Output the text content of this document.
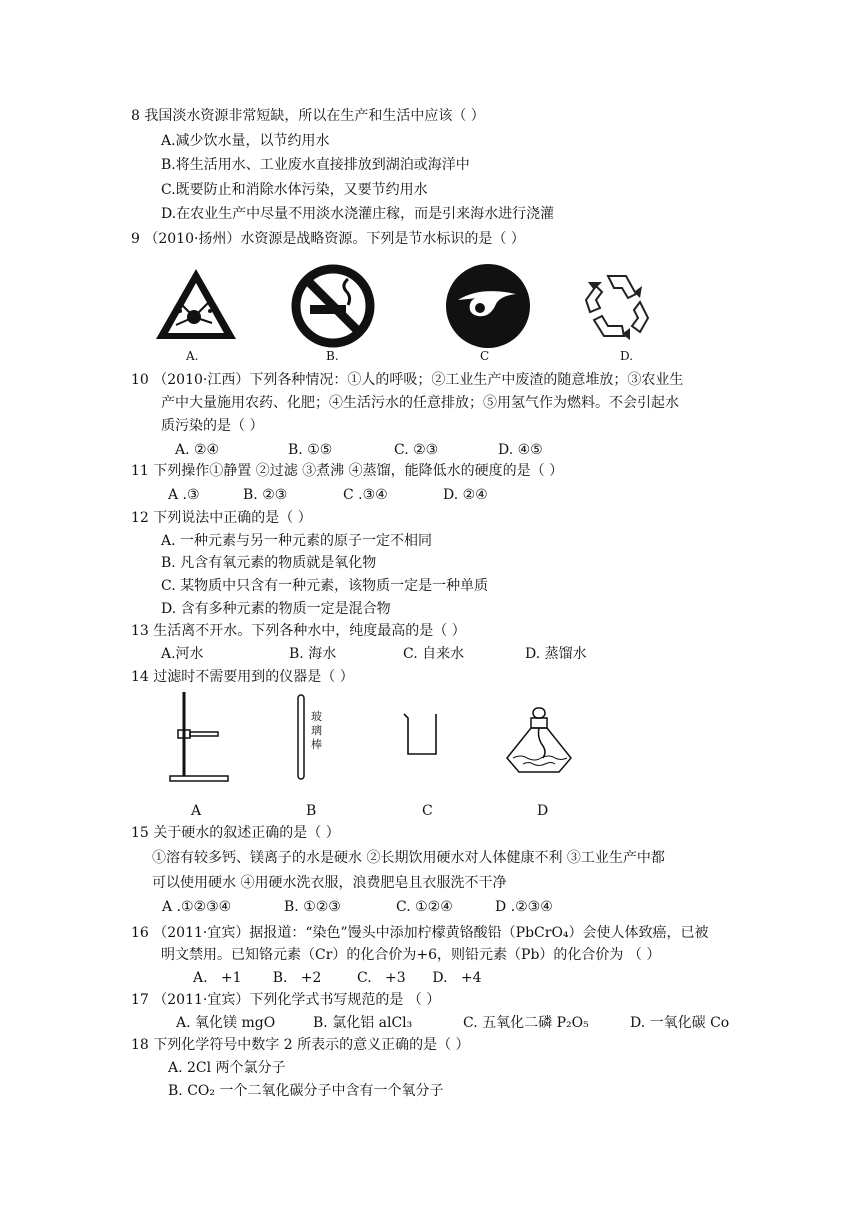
8 我国淡水资源非常短缺，所以在生产和生活中应该（ ）
A.减少饮水量，以节约用水
B.将生活用水、工业废水直接排放到湖泊或海洋中
C.既要防止和消除水体污染，又要节约用水
D.在农业生产中尽量不用淡水浇灌庄稼，而是引来海水进行浇灌
9 （2010·扬州）水资源是战略资源。下列是节水标识的是（ ）
A.	B.	C	D.
10 （2010·江西）下列各种情况：①人的呼吸；②工业生产中废渣的随意堆放；③农业生
产中大量施用农药、化肥；④生活污水的任意排放；⑤用氢气作为燃料。不会引起水
质污染的是（ ）
A. ②④	B. ①⑤	C. ②③	D. ④⑤
11 下列操作①静置 ②过滤 ③煮沸 ④蒸馏，能降低水的硬度的是（ ）
A .③	B. ②③	C .③④	D. ②④
12 下列说法中正确的是（ ）
A. 一种元素与另一种元素的原子一定不相同
B. 凡含有氧元素的物质就是氧化物
C. 某物质中只含有一种元素，该物质一定是一种单质
D. 含有多种元素的物质一定是混合物
13 生活离不开水。下列各种水中，纯度最高的是（ ）
A.河水	B. 海水	C. 自来水	D. 蒸馏水
14 过滤时不需要用到的仪器是（ ）
A
玻璃棒
B	C	D
15 关于硬水的叙述正确的是（ ）
①溶有较多钙、镁离子的水是硬水 ②长期饮用硬水对人体健康不利 ③工业生产中都
可以使用硬水 ④用硬水洗衣服，浪费肥皂且衣服洗不干净
A .①②③④	B. ①②③	C. ①②④	D .②③④
16 （2011·宜宾）据报道：“染色”馒头中添加柠檬黄铬酸铅（PbCrO₄）会使人体致癌，已被
明文禁用。已知铬元素（Cr）的化合价为+6，则铅元素（Pb）的化合价为 （ ）
A.   +1       B.   +2        C.   +3      D.   +4
17 （2011·宜宾）下列化学式书写规范的是 （ ）
A. 氧化镁 mgO	B. 氯化铝 alCl₃	C. 五氧化二磷 P₂O₅	D. 一氧化碳 Co
18 下列化学符号中数字 2 所表示的意义正确的是（ ）
A. 2Cl 两个氯分子
B. CO₂ 一个二氧化碳分子中含有一个氧分子
